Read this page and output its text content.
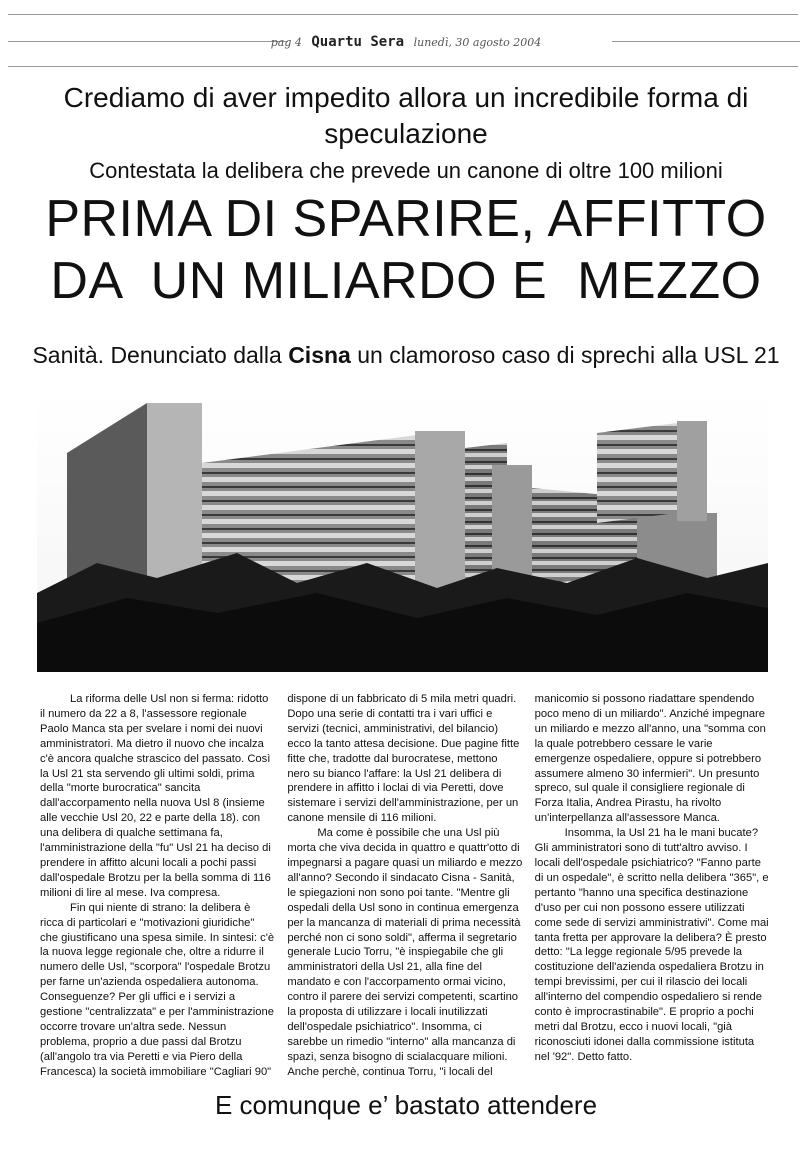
pag 4 Quartu Sera lunedì, 30 agosto 2004
Crediamo di aver impedito allora un incredibile forma di speculazione
Contestata la delibera che prevede un canone di oltre 100 milioni
PRIMA DI SPARIRE, AFFITTO
DA  UN MILIARDO E  MEZZO
Sanità. Denunciato dalla Cisna un clamoroso caso di sprechi alla USL 21

La riforma delle Usl non si ferma: ridotto il numero da 22 a 8, l'assessore regionale Paolo Manca sta per svelare i nomi dei nuovi amministratori. Ma dietro il nuovo che incalza c'è ancora qualche strascico del passato. Così la Usl 21 sta servendo gli ultimi soldi, prima della "morte burocratica" sancita dall'accorpamento nella nuova Usl 8 (insieme alle vecchie Usl 20, 22 e parte della 18). con una delibera di qualche settimana fa, l'amministrazione della "fu" Usl 21 ha deciso di prendere in affitto alcuni locali a pochi passi dall'ospedale Brotzu per la bella somma di 116 milioni di lire al mese. Iva compresa.

Fin qui niente di strano: la delibera è ricca di particolari e "motivazioni giuridiche" che giustificano una spesa simile. In sintesi: c'è la nuova legge regionale che, oltre a ridurre il numero delle Usl, "scorpora" l'ospedale Brotzu per farne un'azienda ospedaliera autonoma. Conseguenze? Per gli uffici e i servizi a gestione "centralizzata" e per l'amministrazione occorre trovare un'altra sede. Nessun problema, proprio a due passi dal Brotzu (all'angolo tra via Peretti e via Piero della Francesca) la società immobiliare "Cagliari 90" dispone di un fabbricato di 5 mila metri quadri. Dopo una serie di contatti tra i vari uffici e servizi (tecnici, amministrativi, del bilancio) ecco la tanto attesa decisione. Due pagine fitte fitte che, tradotte dal burocratese, mettono nero su bianco l'affare: la Usl 21 delibera di prendere in affitto i loclai di via Peretti, dove sistemare i servizi dell'amministrazione, per un canone mensile di 116 milioni.

Ma come è possibile che una Usl più morta che viva decida in quattro e quattr'otto di impegnarsi a pagare quasi un miliardo e mezzo all'anno? Secondo il sindacato Cisna - Sanità, le spiegazioni non sono poi tante. "Mentre gli ospedali della Usl sono in continua emergenza per la mancanza di materiali di prima necessità perché non ci sono soldi", afferma il segretario generale Lucio Torru, "è inspiegabile che gli amministratori della Usl 21, alla fine del mandato e con l'accorpamento ormai vicino, contro il parere dei servizi competenti, scartino la proposta di utilizzare i locali inutilizzati dell'ospedale psichiatrico". Insomma, ci sarebbe un rimedio "interno" alla mancanza di spazi, senza bisogno di scialacquare milioni. Anche perchè, continua Torru, "i locali del manicomio si possono riadattare spendendo poco meno di un miliardo". Anziché impegnare un miliardo e mezzo all'anno, una "somma con la quale potrebbero cessare le varie emergenze ospedaliere, oppure si potrebbero assumere almeno 30 infermieri". Un presunto spreco, sul quale il consigliere regionale di Forza Italia, Andrea Pirastu, ha rivolto un'interpellanza all'assessore Manca.

Insomma, la Usl 21 ha le mani bucate? Gli amministratori sono di tutt'altro avviso. I locali dell'ospedale psichiatrico? "Fanno parte di un ospedale", è scritto nella delibera "365", e pertanto "hanno una specifica destinazione d'uso per cui non possono essere utilizzati come sede di servizi amministrativi". Come mai tanta fretta per approvare la delibera? È presto detto: "La legge regionale 5/95 prevede la costituzione dell'azienda ospedaliera Brotzu in tempi brevissimi, per cui il rilascio dei locali all'interno del compendio ospedaliero si rende conto è improcrastinabile". E proprio a pochi metri dal Brotzu, ecco i nuovi locali, "già riconosciuti idonei dalla commissione istituta nel '92". Detto fatto.

E comunque e’ bastato attendere
